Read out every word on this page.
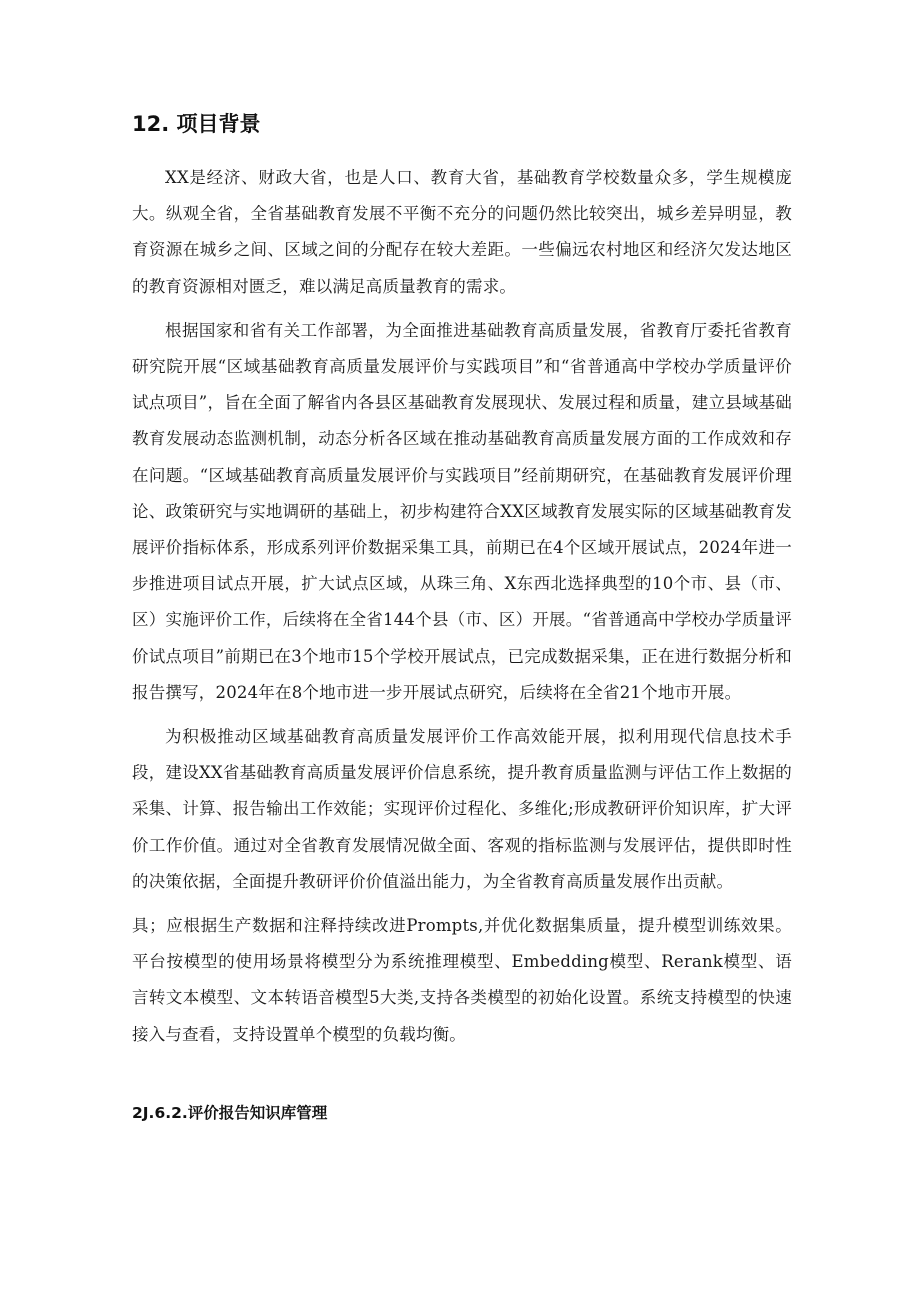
12. 项目背景

XX是经济、财政大省，也是人口、教育大省，基础教育学校数量众多，学生规模庞大。纵观全省，全省基础教育发展不平衡不充分的问题仍然比较突出，城乡差异明显，教育资源在城乡之间、区域之间的分配存在较大差距。一些偏远农村地区和经济欠发达地区的教育资源相对匮乏，难以满足高质量教育的需求。

根据国家和省有关工作部署，为全面推进基础教育高质量发展，省教育厅委托省教育研究院开展“区域基础教育高质量发展评价与实践项目”和“省普通高中学校办学质量评价试点项目”，旨在全面了解省内各县区基础教育发展现状、发展过程和质量，建立县域基础教育发展动态监测机制，动态分析各区域在推动基础教育高质量发展方面的工作成效和存在问题。“区域基础教育高质量发展评价与实践项目”经前期研究，在基础教育发展评价理论、政策研究与实地调研的基础上，初步构建符合XX区域教育发展实际的区域基础教育发展评价指标体系，形成系列评价数据采集工具，前期已在4个区域开展试点，2024年进一步推进项目试点开展，扩大试点区域，从珠三角、X东西北选择典型的10个市、县（市、区）实施评价工作，后续将在全省144个县（市、区）开展。“省普通高中学校办学质量评价试点项目”前期已在3个地市15个学校开展试点，已完成数据采集，正在进行数据分析和报告撰写，2024年在8个地市进一步开展试点研究，后续将在全省21个地市开展。

为积极推动区域基础教育高质量发展评价工作高效能开展，拟利用现代信息技术手段，建设XX省基础教育高质量发展评价信息系统，提升教育质量监测与评估工作上数据的采集、计算、报告输出工作效能；实现评价过程化、多维化;形成教研评价知识库，扩大评价工作价值。通过对全省教育发展情况做全面、客观的指标监测与发展评估，提供即时性的决策依据，全面提升教研评价价值溢出能力，为全省教育高质量发展作出贡献。

具；应根据生产数据和注释持续改进Prompts,并优化数据集质量，提升模型训练效果。平台按模型的使用场景将模型分为系统推理模型、Embedding模型、Rerank模型、语言转文本模型、文本转语音模型5大类,支持各类模型的初始化设置。系统支持模型的快速接入与查看，支持设置单个模型的负载均衡。

2J.6.2.评价报告知识库管理
